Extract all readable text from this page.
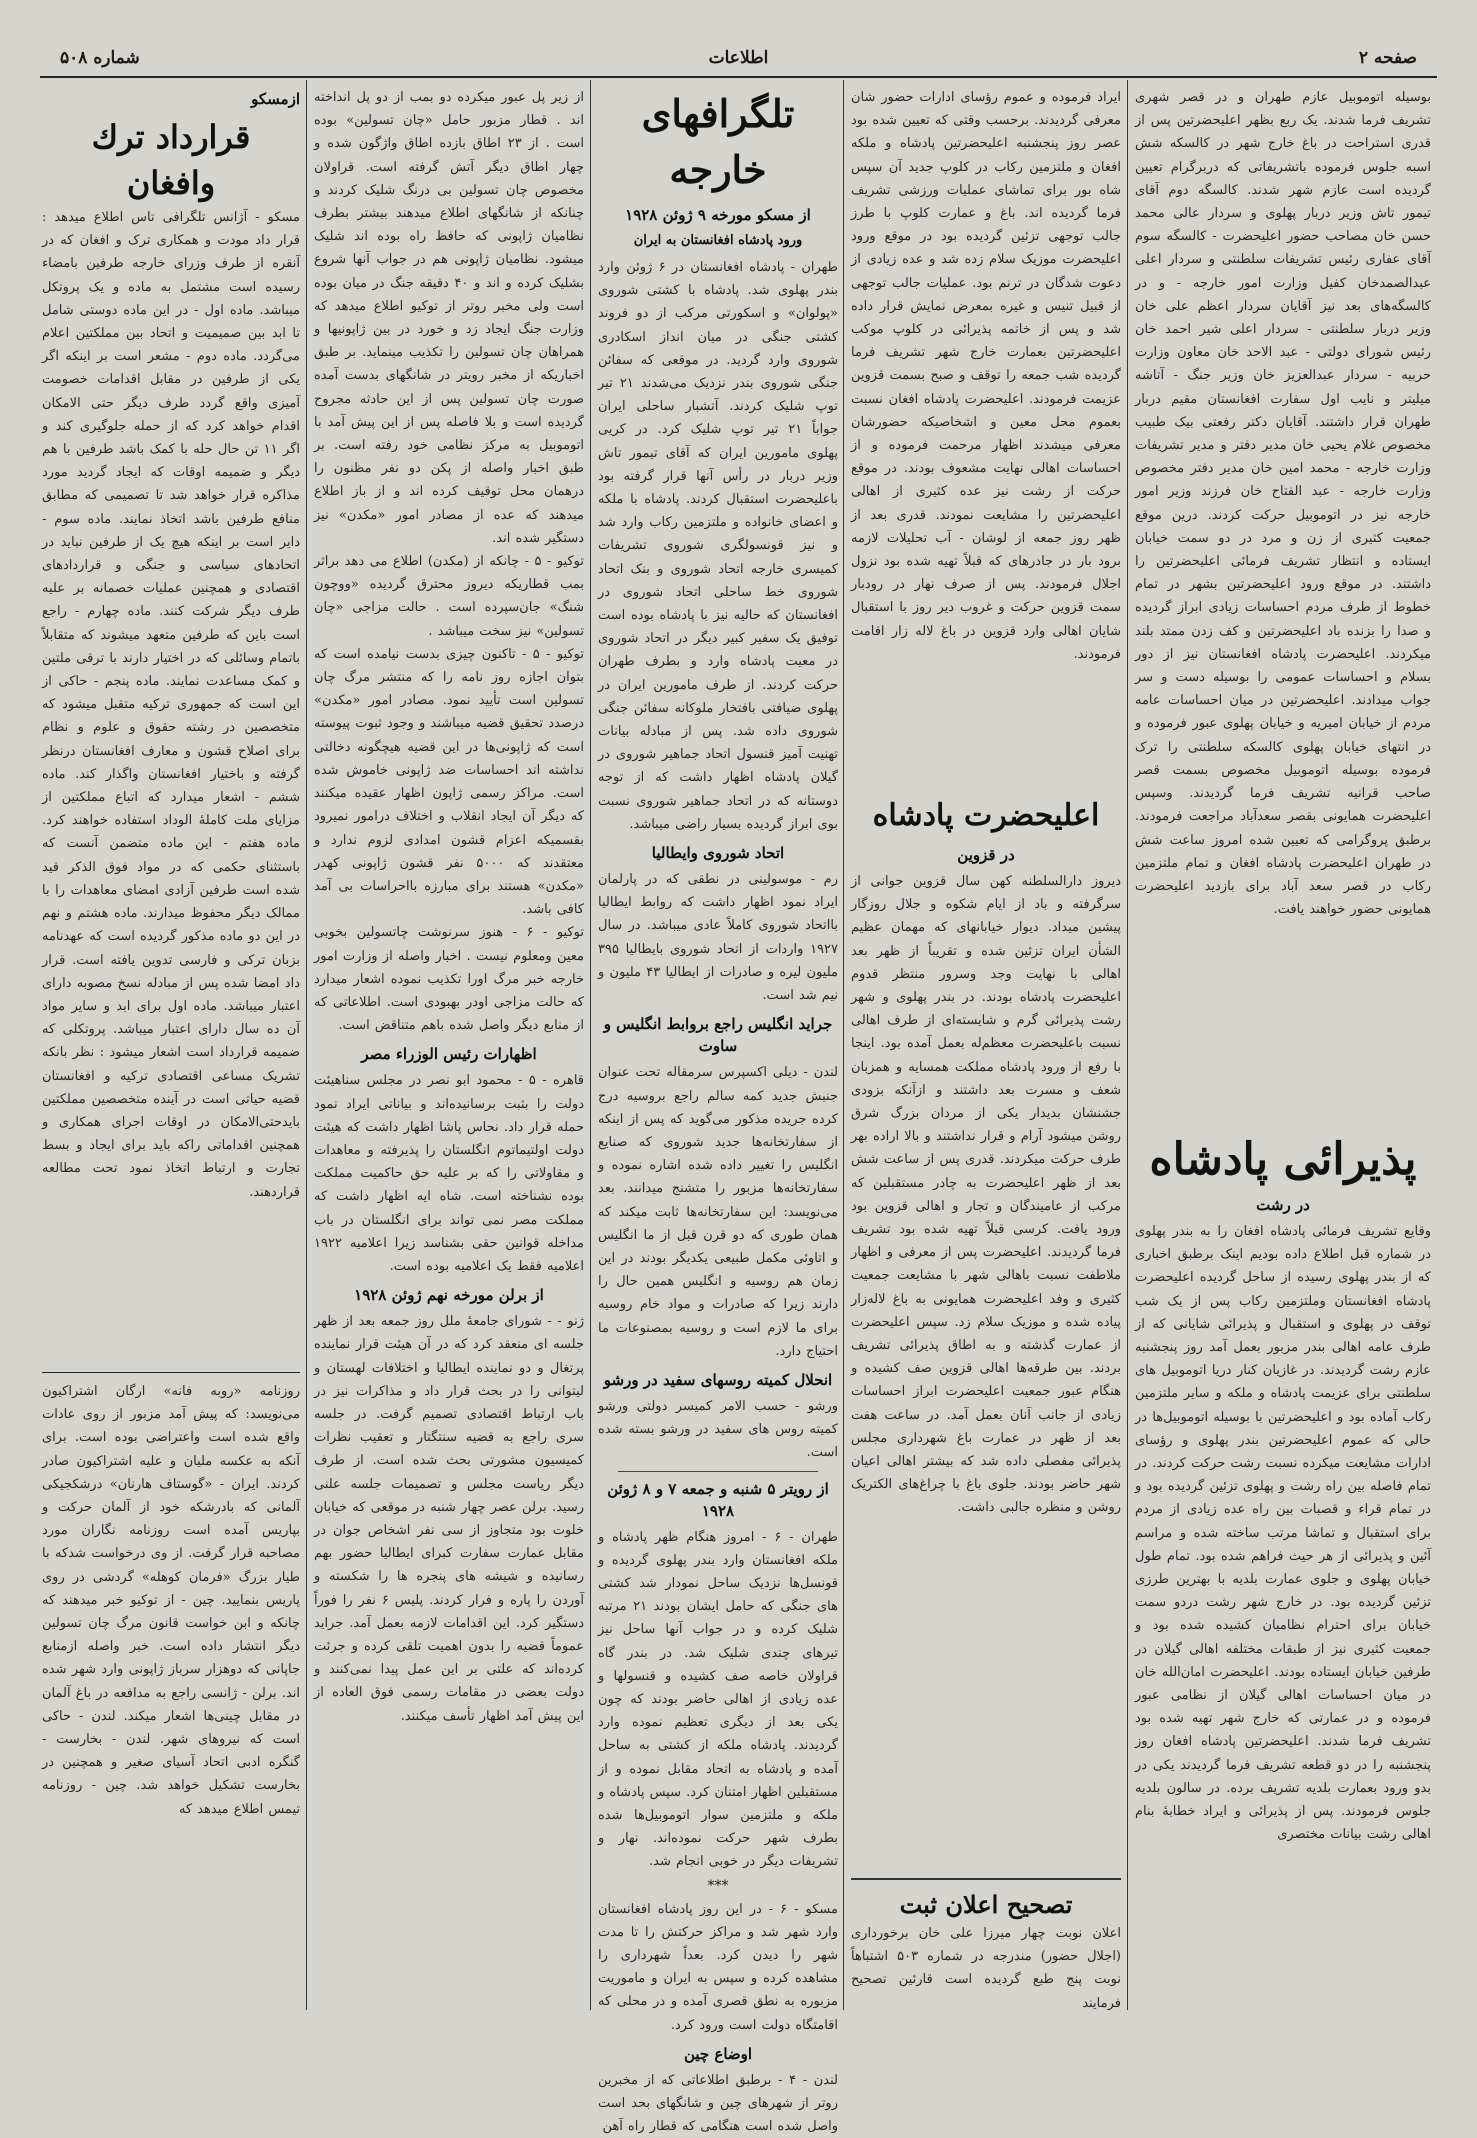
صفحه ۲
اطلاعات
شماره ۵۰۸

بوسیله اتوموبیل عازم طهران و در قصر شهری تشریف فرما شدند. یک ربع بظهر اعلیحضرتین پس از قدری استراحت در باغ خارج شهر در کالسکه شش اسبه جلوس فرموده باتشریفاتی که دربرگرام تعیین گردیده است عازم شهر شدند. کالسگه دوم آقای تیمور تاش وزیر دربار پهلوی و سردار عالی محمد حسن خان مصاحب حضور اعلیحضرت - کالسگه سوم آقای عفاری رئیس تشریفات سلطنتی و سردار اعلی عبدالصمدخان کفیل وزارت امور خارجه - و در کالسگه‌های بعد نیز آقایان سردار اعظم علی خان وزیر دربار سلطنتی - سردار اعلی شیر احمد خان رئیس شورای دولتی - عبد الاحد خان معاون وزارت حربیه - سردار عبدالعزیز خان وزیر جنگ - آتاشه میلیتر و نایب اول سفارت افغانستان مقیم دربار طهران قرار داشتند. آقایان دکتر رفعتی بیک طبیب مخصوص غلام یحیی خان مدیر دفتر و مدیر تشریفات وزارت خارجه - محمد امین خان مدیر دفتر مخصوص وزارت خارجه - عبد الفتاح خان فرزند وزیر امور خارجه نیز در اتوموبیل حرکت کردند. درین موقع جمعیت کثیری از زن و مرد در دو سمت خیابان ایستاده و انتظار تشریف فرمائی اعلیحضرتین را داشتند. در موقع ورود اعلیحضرتین بشهر در تمام خطوط از طرف مردم احساسات زیادی ابراز گردیده و صدا را بزنده باد اعلیحضرتین و کف زدن ممتد بلند میکردند. اعلیحضرت پادشاه افغانستان نیز از دور بسلام و احساسات عمومی را بوسیله دست و سر جواب میدادند. اعلیحضرتین در میان احساسات عامه مردم از خیابان امیریه و خیابان پهلوی عبور فرموده و در انتهای خیابان پهلوی کالسکه سلطنتی را ترک فرموده بوسیله اتوموبیل مخصوص بسمت قصر صاحب قرانیه تشریف فرما گردیدند. وسپس اعلیحضرت همایونی بقصر سعدآباد مراجعت فرمودند. برطبق پروگرامی که تعیین شده امروز ساعت شش در طهران اعلیحضرت پادشاه افغان و تمام ملتزمین رکاب در قصر سعد آباد برای بازدید اعلیحضرت همایونی حضور خواهند یافت.

پذیرائی پادشاه
در رشت

وقایع تشریف فرمائی پادشاه افغان را به بندر پهلوی در شماره قبل اطلاع داده بودیم اینک برطبق اخباری که از بندر پهلوی رسیده از ساحل گردیده اعلیحضرت پادشاه افغانستان وملتزمین رکاب پس از یک شب توقف در پهلوی و استقبال و پذیرائی شایانی که از طرف عامه اهالی بندر مزبور بعمل آمد روز پنجشنبه عازم رشت گردیدند. در غازیان کنار دریا اتوموبیل های سلطنتی برای عزیمت پادشاه و ملکه و سایر ملتزمین رکاب آماده بود و اعلیحضرتین با بوسیله اتوموبیل‌ها در حالی که عموم اعلیحضرتین بندر پهلوی و رؤسای ادارات مشایعت میکرده نسبت رشت حرکت کردند. در تمام فاصله بین راه رشت و پهلوی تزئین گردیده بود و در تمام قراء و قصبات بین راه عده زیادی از مردم برای استقبال و تماشا مرتب ساخته شده و مراسم آئین و پذیرائی از هر حیث فراهم شده بود. تمام طول خیابان پهلوی و جلوی عمارت بلدیه با بهترین طرزی تزئین گردیده بود. در خارج شهر رشت دردو سمت خیابان برای احترام نظامیان کشیده شده بود و جمعیت کثیری نیز از طبقات مختلفه اهالی گیلان در طرفین خیابان ایستاده بودند. اعلیحضرت امان‌الله خان در میان احساسات اهالی گیلان از نظامی عبور فرموده و در عمارتی که خارج شهر تهیه شده بود تشریف فرما شدند. اعلیحضرتین پادشاه افغان روز پنجشنبه را در دو قطعه تشریف فرما گردیدند یکی در بدو ورود بعمارت بلدیه تشریف برده. در سالون بلدیه جلوس فرمودند. پس از پذیرائی و ایراد خطابهٔ بنام اهالی رشت بیانات مختصری

ایراد فرموده و عموم رؤسای ادارات حضور شان معرفی گردیدند. برحسب وقتی که تعیین شده بود عصر روز پنجشنبه اعلیحضرتین پادشاه و ملکه افغان و ملتزمین رکاب در کلوپ جدید آن سپس شاه بور برای تماشای عملیات ورزشی تشریف فرما گردیده اند. باغ و عمارت کلوپ با طرز جالب توجهی تزئین گردیده بود در موقع ورود اعلیحضرت موزیک سلام زده شد و عده زیادی از دعوت شدگان در ترنم بود. عملیات جالب توجهی از قبیل تنیس و غیره بمعرض نمایش قرار داده شد و پس از خاتمه پذیرائی در کلوپ موکب اعلیحضرتین بعمارت خارج شهر تشریف فرما گردیده شب جمعه را توقف و صبح بسمت قزوین عزیمت فرمودند. اعلیحضرت پادشاه افغان نسبت بعموم محل معین و اشخاصیکه حضورشان معرفی میشدند اظهار مرحمت فرموده و از احساسات اهالی نهایت مشعوف بودند. در موقع حرکت از رشت نیز عده کثیری از اهالی اعلیحضرتین را مشایعت نمودند. قدری بعد از ظهر روز جمعه از لوشان - آب تحلیلات لازمه برود بار در جادرهای که قبلاً تهیه شده بود نزول اجلال فرمودند. پس از صرف نهار در رودبار سمت قزوین حرکت و غروب دیر روز با استقبال شایان اهالی وارد قزوین در باغ لاله زار اقامت فرمودند.

اعلیحضرت پادشاه
در قزوین

دیروز دارالسلطنه کهن سال قزوین جوانی از سرگرفته و باد از ایام شکوه و جلال روزگار پیشین میداد. دیوار خیابانهای که مهمان عظیم الشأن ایران تزئین شده و تقریباً از ظهر بعد اهالی با نهایت وجد وسرور منتظر قدوم اعلیحضرت پادشاه بودند. در بندر پهلوی و شهر رشت پذیرائی گرم و شایسته‌ای از طرف اهالی نسبت باعلیحضرت معظم‌له بعمل آمده بود. اینجا با رفع از ورود پادشاه مملکت همسایه و همزبان شعف و مسرت بعد داشتند و ازآنکه بزودی جشنشان بدیدار یکی از مردان بزرگ شرق روشن میشود آرام و قرار نداشتند و بالا اراده بهر طرف حرکت میکردند. قدری پس از ساعت شش بعد از ظهر اعلیحضرت به چادر مستقبلین که مرکب از عامیندگان و تجار و اهالی قزوین بود ورود یافت. کرسی قبلاً تهیه شده بود تشریف فرما گردیدند. اعلیحضرت پس از معرفی و اظهار ملاطفت نسبت باهالی شهر با مشایعت جمعیت کثیری و وفد اعلیحضرت همایونی به باغ لاله‌زار پیاده شده و موزیک سلام زد. سپس اعلیحضرت از عمارت گذشته و به اطاق پذیرائی تشریف بردند. بین طرقه‌ها اهالی قزوین صف کشیده و هنگام عبور جمعیت اعلیحضرت ابراز احساسات زیادی از جانب آنان بعمل آمد. در ساعت هفت بعد از ظهر در عمارت باغ شهرداری مجلس پذیرائی مفصلی داده شد که بیشتر اهالی اعیان شهر حاضر بودند. جلوی باغ با چراغ‌های الکتریک روشن و منظره جالبی داشت.

تصحیح اعلان ثبت

اعلان نوبت چهار میرزا علی خان برخورداری (اجلال حضور) مندرجه در شماره ۵۰۳ اشتباهاً نوبت پنج طبع گردیده است قارئین تصحیح فرمایند

تلگرافهای خارجه
از مسکو مورخه ۹ ژوئن ۱۹۲۸
ورود پادشاه افغانستان به ایران

طهران - پادشاه افغانستان در ۶ ژوئن وارد بندر پهلوی شد. پادشاه با کشتی شوروی «پولوان» و اسکورتی مرکب از دو فروند کشتی جنگی در میان انداز اسکادری شوروی وارد گردید. در موقعی که سفائن جنگی شوروی بندر نزدیک می‌شدند ۲۱ تیر توپ شلیک کردند. آتشبار ساحلی ایران جواباً ۲۱ تیر توپ شلیک کرد. در کریی پهلوی مامورین ایران که آقای تیمور تاش وزیر دربار در رأس آنها قرار گرفته بود باعلیحضرت استقبال کردند. پادشاه با ملکه و اعضای خانواده و ملتزمین رکاب وارد شد و نیز قونسولگری شوروی تشریفات کمیسری خارجه اتحاد شوروی و بنک اتحاد شوروی خط ساحلی اتحاد شوروی در افغانستان که حالیه نیز با پادشاه بوده است توفیق یک سفیر کبیر دیگر در اتحاد شوروی در معیت پادشاه وارد و بطرف طهران حرکت کردند. از طرف مامورین ایران در پهلوی ضیافتی بافتخار ملوکانه سفائن جنگی شوروی داده شد. پس از مبادله بیانات تهنیت آمیز قنسول اتحاد جماهیر شوروی در گیلان پادشاه اظهار داشت که از توجه دوستانه که در اتحاد جماهیر شوروی نسبت بوی ابراز گردیده بسیار راضی میباشد.

اتحاد شوروی وایطالیا

رم - موسولینی در نطقی که در پارلمان ایراد نمود اظهار داشت که روابط ایطالیا بااتحاد شوروی کاملاً عادی میباشد. در سال ۱۹۲۷ واردات از اتحاد شوروی بایطالیا ۳۹۵ ملیون لیره و صادرات از ایطالیا ۴۳ ملیون و نیم شد است.

جراید انگلیس راجع بروابط انگلیس و ساوت

لندن - دیلی اکسپرس سرمقاله تحت عنوان جنبش جدید کمه سالم راجع بروسیه درج کرده جریده مذکور می‌گوید که پس از اینکه از سفارتخانه‌ها جدید شوروی که صنایع انگلیس را تغییر داده شده اشاره نموده و سفارتخانه‌ها مزبور را متشنج میدانند. بعد می‌نویسد: این سفارتخانه‌ها ثابت میکند که همان طوری که دو قرن قبل از ما انگلیس و اتاوئی مکمل طبیعی یکدیگر بودند در این زمان هم روسیه و انگلیس همین حال را دارند زیرا که صادرات و مواد خام روسیه برای ما لازم است و روسیه بمصنوعات ما احتیاج دارد.

انحلال کمیته روسهای سفید در ورشو

ورشو - حسب الامر کمیسر دولتی ورشو کمیته روس های سفید در ورشو بسته شده است.

از رویتر ۵ شنبه و جمعه ۷ و ۸ ژوئن ۱۹۲۸

طهران - ۶ - امروز هنگام ظهر پادشاه و ملکه افغانستان وارد بندر پهلوی گردیده و قونسل‌ها نزدیک ساحل نمودار شد کشتی های جنگی که حامل ایشان بودند ۲۱ مرتبه شلیک کرده و در جواب آنها ساحل نیز تیرهای چندی شلیک شد. در بندر گاه قراولان خاصه صف کشیده و قنسولها و عده زیادی از اهالی حاضر بودند که چون یکی بعد از دیگری تعظیم نموده وارد گردیدند. پادشاه ملکه از کشتی به ساحل آمده و پادشاه به اتحاد مقابل نموده و از مستقبلین اظهار امتنان کرد. سپس پادشاه و ملکه و ملتزمین سوار اتوموبیل‌ها شده بطرف شهر حرکت نموده‌اند. نهار و تشریفات دیگر در خوبی انجام شد.

***

مسکو - ۶ - در این روز پادشاه افغانستان وارد شهر شد و مراکز حرکتش را تا مدت شهر را دیدن کرد. بعداً شهرداری را مشاهده کرده و سپس به ایران و ماموریت مزبوره به نطق قصری آمده و در محلی که اقامتگاه دولت است ورود کرد.

اوضاع چین

لندن - ۴ - برطبق اطلاعاتی که از مخبرین روتر از شهرهای چین و شانگهای بحد است واصل شده است هنگامی که قطار راه آهن

از زیر پل عبور میکرده دو بمب از دو پل انداخته اند . قطار مزبور حامل «چان تسولین» بوده است . از ۲۳ اطاق بازده اطاق واژگون شده و چهار اطاق دیگر آتش گرفته است. قراولان مخصوص چان تسولین بی درنگ شلیک کردند و چنانکه از شانگهای اطلاع میدهند بیشتر بطرف نظامیان ژاپونی که حافظ راه بوده اند شلیک میشود. نظامیان ژاپونی هم در جواب آنها شروع بشلیک کرده و اند و ۴۰ دقیقه جنگ در میان بوده است ولی مخبر روتر از توکیو اطلاع میدهد که وزارت جنگ ایجاد زد و خورد در بین ژاپونیها و همراهان چان تسولین را تکذیب مینماید. بر طبق اخباریکه از مخبر رویتر در شانگهای بدست آمده صورت چان تسولین پس از این حادثه مجروح گردیده است و بلا فاصله پس از این پیش آمد با اتوموبیل به مرکز نظامی خود رفته است. بر طبق اخبار واصله از پکن دو نفر مظنون را درهمان محل توقیف کرده اند و از باز اطلاع میدهند که عده از مصادر امور «مکدن» نیز دستگیر شده اند.

توکیو - ۵ - چانکه از (مکدن) اطلاع می دهد براثر بمب قطاریکه دیروز محترق گردیده «ووچون شنگ» جان‌سپرده است . حالت مزاجی «چان تسولین» نیز سخت میباشد .

توکیو - ۵ - تاکنون چیزی بدست نیامده است که بتوان اجازه روز نامه را که منتشر مرگ چان تسولین است تأیید نمود. مصادر امور «مکدن» درصدد تحقیق قضیه میباشند و وجود ثبوت پیوسته است که ژاپونی‌ها در این قضیه هیچگونه دخالتی نداشته اند احساسات ضد ژاپونی خاموش شده است. مراکز رسمی ژاپون اظهار عقیده میکنند که دیگر آن ایجاد انقلاب و اختلاف درامور نمیرود بقسمیکه اعزام قشون امدادی لزوم ندارد و معتقدند که ۵۰۰۰ نفر قشون ژاپونی کهدر «مکدن» هستند برای مبارزه بااحراسات بی آمد کافی باشد.

توکیو - ۶ - هنوز سرنوشت چاتسولین بخوبی معین ومعلوم نیست . اخبار واصله از وزارت امور خارجه خبر مرگ اورا تکذیب نموده اشعار میدارد که حالت مزاجی اودر بهبودی است. اطلاعاتی که از منابع دیگر واصل شده باهم متناقض است.

اظهارات رئیس الوزراء مصر

قاهره - ۵ - محمود ابو نصر در مجلس سناهیئت دولت را بثبت برسانیده‌اند و بیاناتی ایراد نمود حمله قرار داد. نحاس پاشا اظهار داشت که هیئت دولت اولتیماتوم انگلستان را پذیرفته و معاهدات و مقاولاتی را که بر علیه حق حاکمیت مملکت بوده نشناخته است. شاه ایه اظهار داشت که مملکت مصر نمی تواند برای انگلستان در باب مداخله قوانین حقی بشناسد زیرا اعلامیه ۱۹۲۲ اعلامیه فقط یک اعلامیه بوده است.

از برلن مورخه نهم ژوئن ۱۹۲۸

ژنو - - شورای جامعهٔ ملل روز جمعه بعد از ظهر جلسه ای منعقد کرد که در آن هیئت قرار نماینده پرتغال و دو نماینده ایطالیا و اختلافات لهستان و لیتوانی را در بحث قرار داد و مذاکرات نیز در باب ارتباط اقتصادی تصمیم گرفت. در جلسه سری راجع به قضیه سنتگتار و تعقیب نظرات کمیسیون مشورتی بحث شده است. از طرف دیگر ریاست مجلس و تصمیمات جلسه علنی رسید. برلن عصر چهار شنبه در موقعی که خیابان خلوت بود متجاوز از سی نفر اشخاص جوان در مقابل عمارت سفارت کبرای ایطالیا حضور بهم رسانیده و شیشه های پنجره ها را شکسته و آوردن را پاره و فرار کردند. پلیس ۶ نفر را فوراً دستگیر کرد. این اقدامات لازمه بعمل آمد. جراید عموماً قضیه را بدون اهمیت تلقی کرده و جرئت کرده‌اند که علتی بر این عمل پیدا نمی‌کنند و دولت بعضی در مقامات رسمی فوق العاده از این پیش آمد اظهار تأسف میکنند.

ازمسکو
قرارداد ترك وافغان

مسکو - آژانس تلگرافی تاس اطلاع میدهد : قرار داد مودت و همکاری ترک و افغان که در آنقره از طرف وزرای خارجه طرفین بامضاء رسیده است مشتمل به ماده و یک پروتکل میباشد. ماده اول - در این ماده دوستی شامل تا ابد بین صمیمیت و اتحاد بین مملکتین اعلام می‌گردد. ماده دوم - مشعر است بر اینکه اگر یکی از طرفین در مقابل اقدامات خصومت آمیزی واقع گردد طرف دیگر حتی الامکان اقدام خواهد کرد که از حمله جلوگیری کند و اگر ۱۱ تن حال حله با کمک باشد طرفین با هم دیگر و ضمیمه اوقات که ایجاد گردید مورد مذاکره قرار خواهد شد تا تصمیمی که مطابق منافع طرفین باشد اتخاذ نمایند. ماده سوم - دایر است بر اینکه هیچ یک از طرفین نباید در اتحادهای سیاسی و جنگی و قراردادهای اقتصادی و همچنین عملیات خصمانه بر علیه طرف دیگر شرکت کنند. ماده چهارم - راجع است باین که طرفین متعهد میشوند که متقابلاً باتمام وسائلی که در اختیار دارند با ترقی ملتین و کمک مساعدت نمایند. ماده پنجم - حاکی از این است که جمهوری ترکیه متقبل میشود که متخصصین در رشته حقوق و علوم و نظام برای اصلاح قشون و معارف افغانستان درنظر گرفته و باختیار افغانستان واگذار کند. ماده ششم - اشعار میدارد که اتباع مملکتین از مزایای ملت کاملهٔ الوداد استفاده خواهند کرد. ماده هفتم - این ماده متضمن آنست که باستثنای حکمی که در مواد فوق الذکر قید شده است طرفین آزادی امضای معاهدات را با ممالک دیگر محفوظ میدارند. ماده هشتم و نهم در این دو ماده مذکور گردیده است که عهدنامه بزبان ترکی و فارسی تدوین یافته است. قرار داد امضا شده پس از مبادله نسخ مصوبه دارای اعتبار میباشد. ماده اول برای ابد و سایر مواد آن ده سال دارای اعتبار میباشد. پروتکلی که ضمیمه قرارداد است اشعار میشود : نظر بانکه تشریک مساعی اقتصادی ترکیه و افغانستان قضیه حیاتی است در آینده متخصصین مملکتین بایدحتی‌الامکان در اوقات اجرای همکاری و همچنین اقداماتی راکه باید برای ایجاد و بسط تجارت و ارتباط اتخاذ نمود تحت مطالعه قراردهند.

روزنامه «روبه فانه» ارگان اشتراکیون می‌نویسد: که پیش آمد مزبور از روی عادات واقع شده است واعتراضی بوده است. برای آنکه به عکسه ملیان و علیه اشتراکیون صادر کردند. ایران - «گوستاف هارنان» درشکجیکی آلمانی که بادرشکه خود از آلمان حرکت و بپاریس آمده است روزنامه نگاران مورد مصاحبه قرار گرفت. از وی درخواست شدکه با طیار بزرگ «فرمان کوهله» گردشی در روی پاریس بنمایید. چین - از توکیو خبر میدهند که چانکه و ابن خواست قانون مرگ چان تسولین دیگر انتشار داده است. خبر واصله ازمنابع جاپانی که دوهزار سرباز ژاپونی وارد شهر شده اند. برلن - ژانسی راجع به مدافعه در باغ آلمان در مقابل چینی‌ها اشعار میکند. لندن - حاکی است که نیروهای شهر. لندن - بخارست - گنگره ادبی اتحاد آسیای صغیر و همچنین در بخارست تشکیل خواهد شد. چین - روزنامه تیمس اطلاع میدهد که
